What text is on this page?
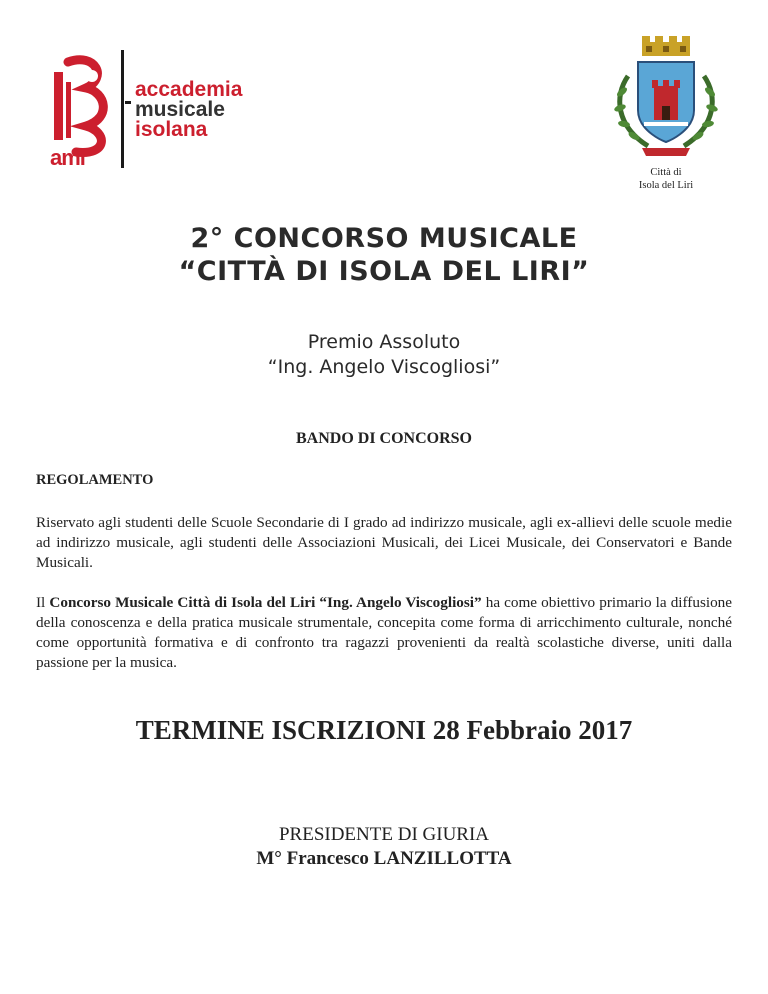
accademia
musicale
isolana
ami
Città di
Isola del Liri
2° CONCORSO MUSICALE
“CITTÀ DI ISOLA DEL LIRI”
Premio Assoluto
“Ing. Angelo Viscogliosi”
BANDO DI CONCORSO
REGOLAMENTO
Riservato agli studenti delle Scuole Secondarie di I grado ad indirizzo musicale, agli ex-allievi delle scuole medie ad indirizzo musicale, agli studenti delle Associazioni Musicali, dei Licei Musicale, dei Conservatori e Bande Musicali.
Il Concorso Musicale Città di Isola del Liri “Ing. Angelo Viscogliosi” ha come obiettivo primario la diffusione della conoscenza e della pratica musicale strumentale, concepita come forma di arricchimento culturale, nonché come opportunità formativa e di confronto tra ragazzi provenienti da realtà scolastiche diverse, uniti dalla passione per la musica.
TERMINE ISCRIZIONI 28 Febbraio 2017
PRESIDENTE DI GIURIA
M° Francesco LANZILLOTTA
